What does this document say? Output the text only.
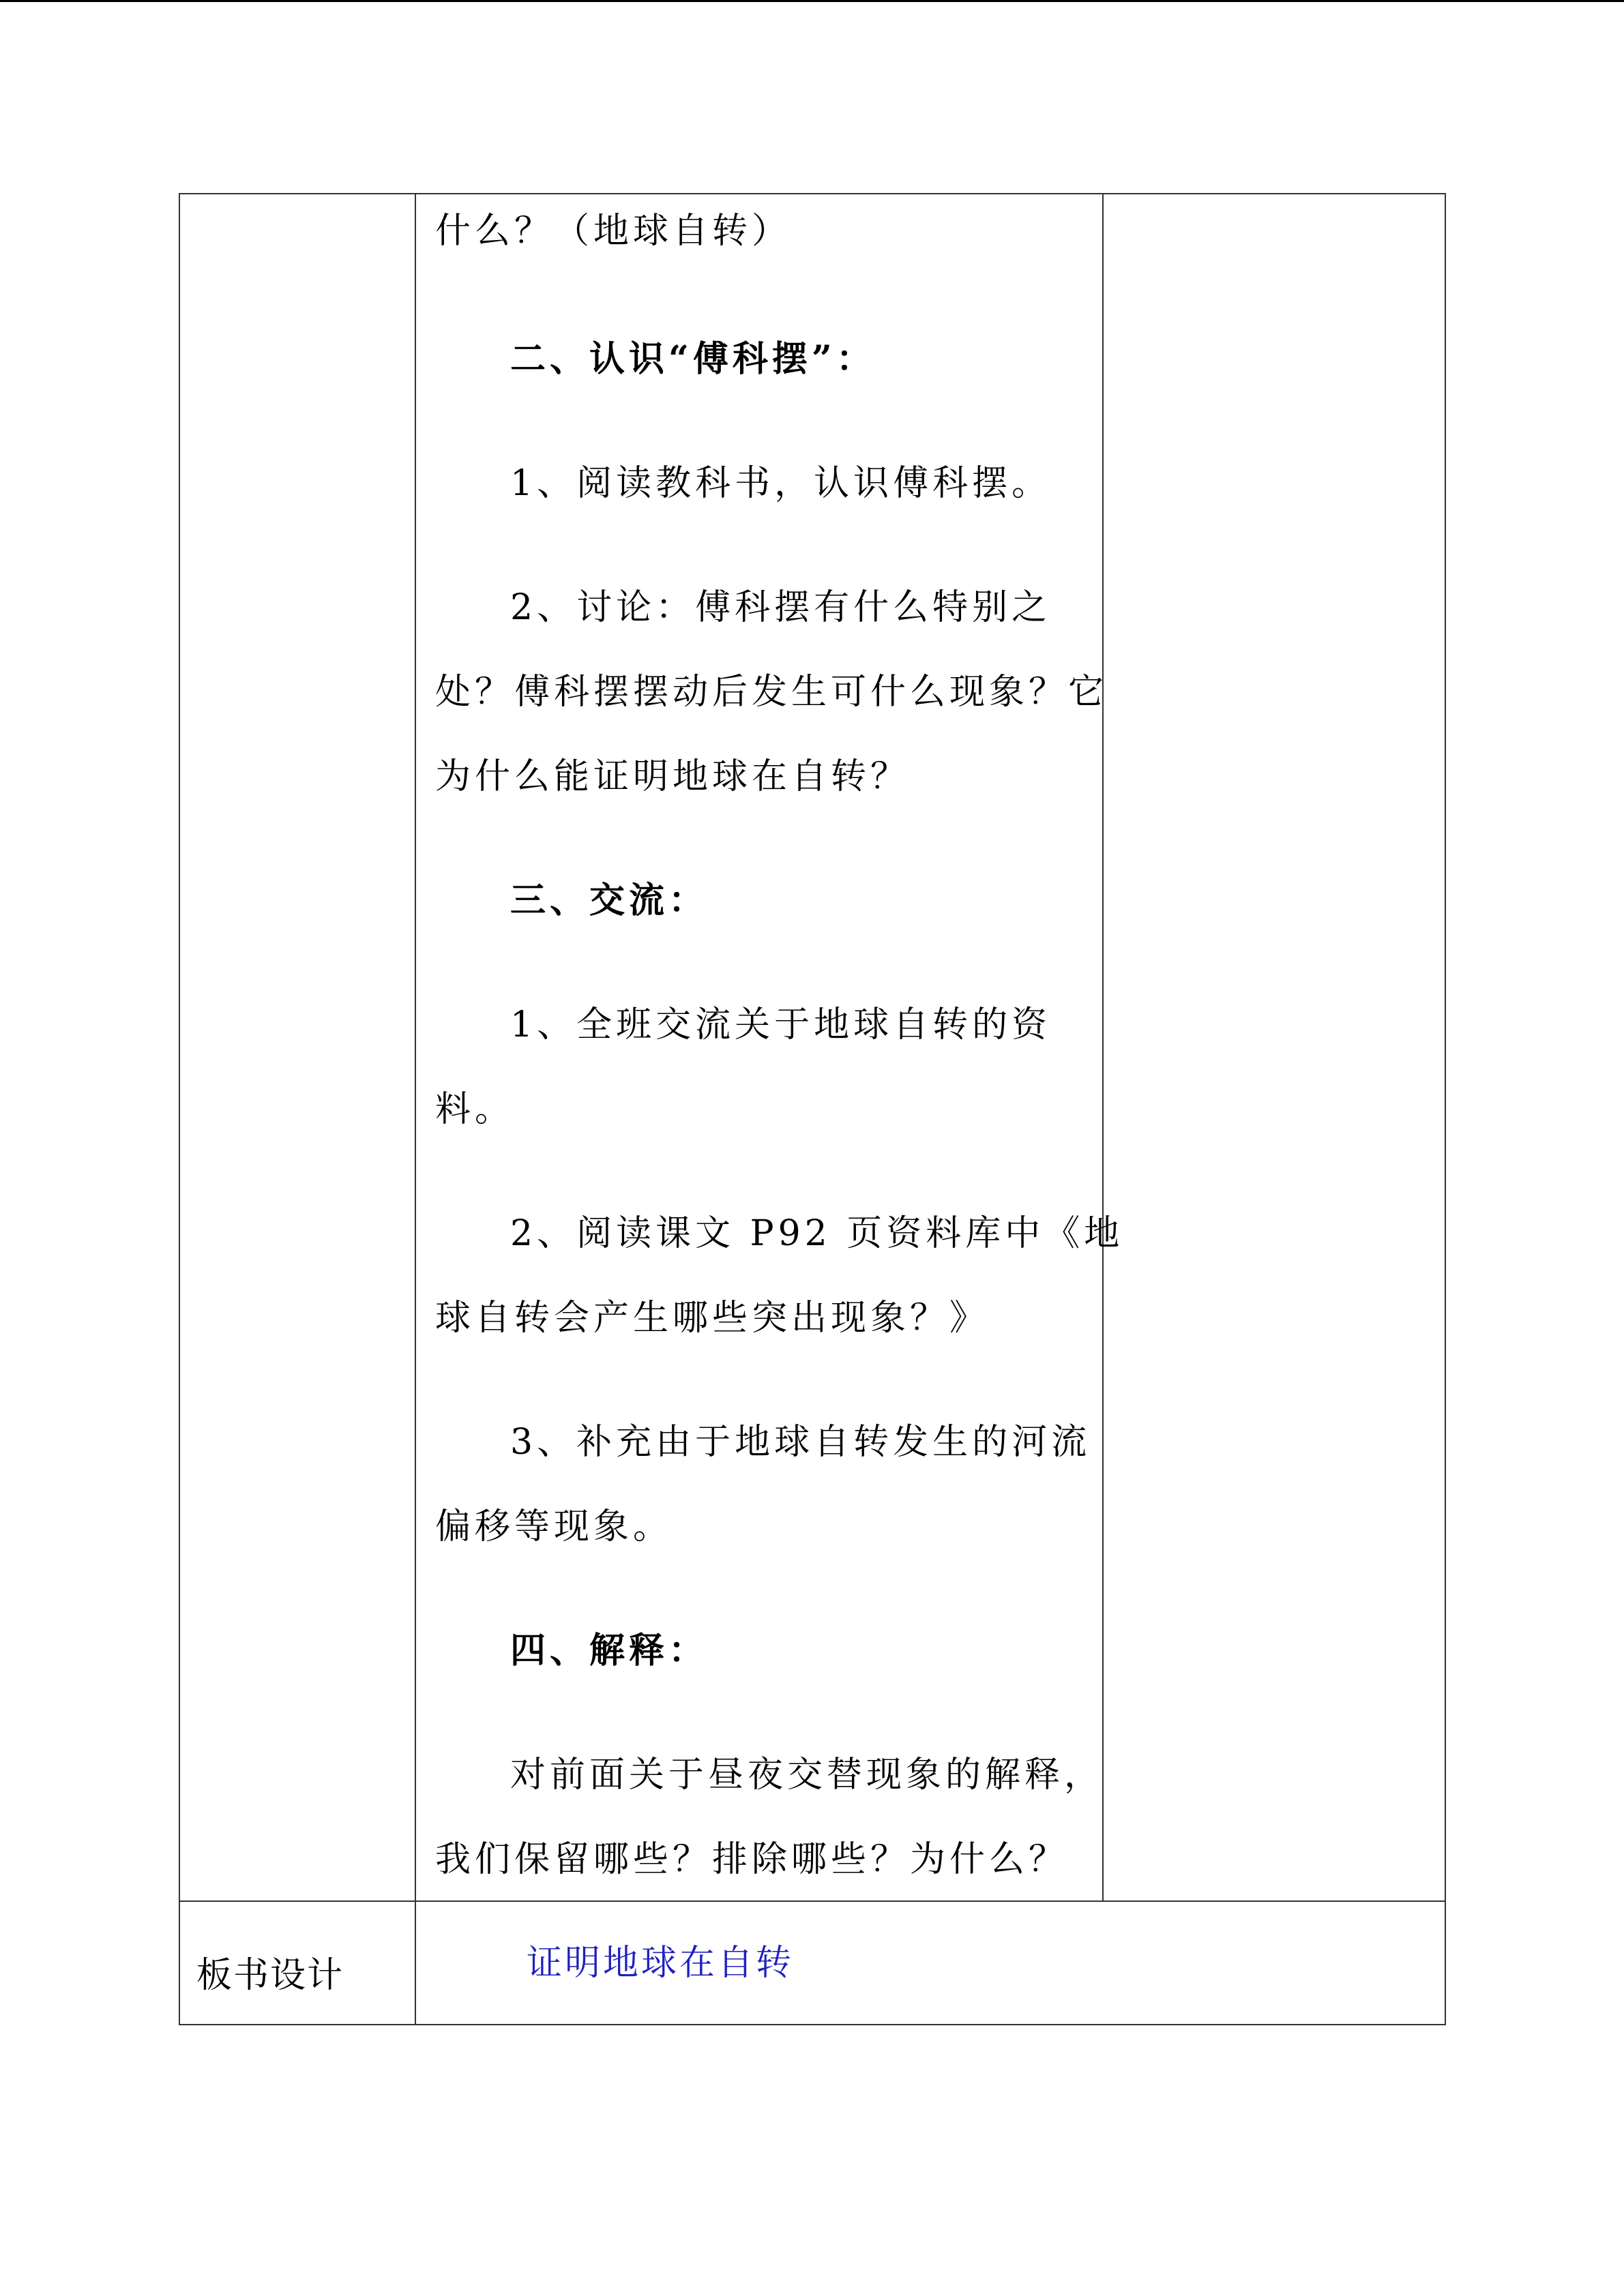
什么？（地球自转）
二、认识“傅科摆”：
1、阅读教科书，认识傅科摆。
2、讨论：傅科摆有什么特别之
处？傅科摆摆动后发生可什么现象？它
为什么能证明地球在自转？
三、交流：
1、全班交流关于地球自转的资
料。
2、阅读课文 P92 页资料库中《地
球自转会产生哪些突出现象？》
3、补充由于地球自转发生的河流
偏移等现象。
四、解释：
对前面关于昼夜交替现象的解释，
我们保留哪些？排除哪些？为什么？
板书设计	证明地球在自转
